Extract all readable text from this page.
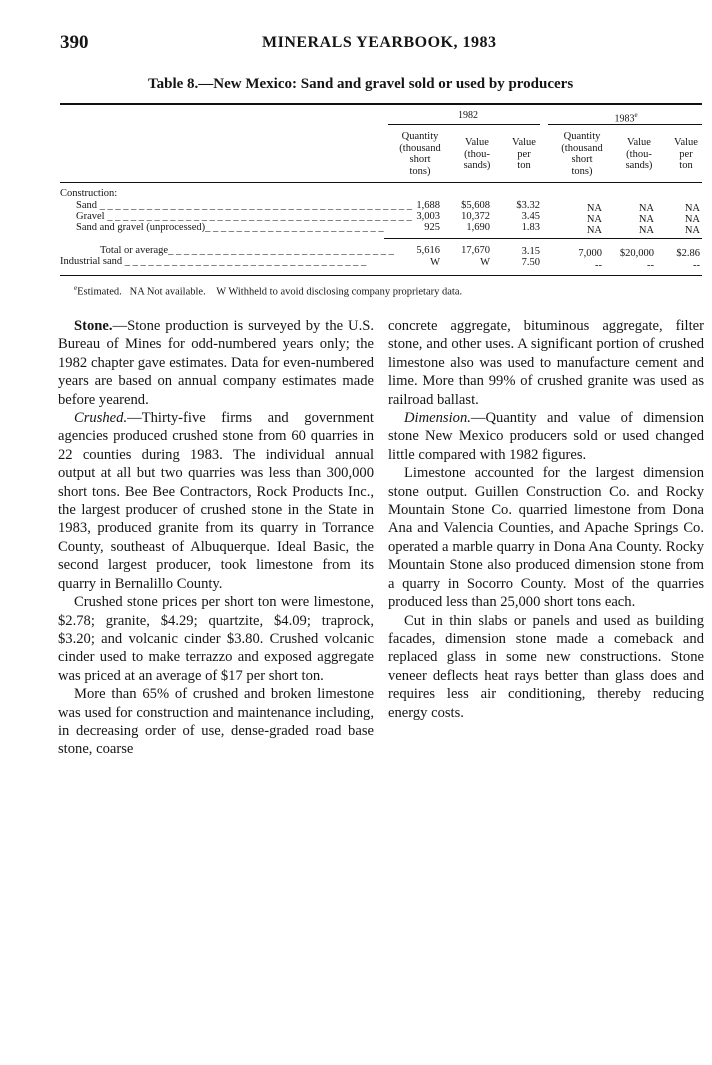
390	MINERALS YEARBOOK, 1983
Table 8.—New Mexico: Sand and gravel sold or used by producers
1982	1983e
Quantity
(thousand
short
tons)
Value
(thou-
sands)
Value
per
ton
Quantity
(thousand
short
tons)
Value
(thou-
sands)
Value
per
ton
Construction:
Sand _ _ _ _ _ _ _ _ _ _ _ _ _ _ _ _ _ _ _ _ _ _ _ _ _ _ _ _ _ _ _ _ _ _ _ _ _ _ _ _ 1,688	$5,608	$3.32	NA	NA	NA
Gravel _ _ _ _ _ _ _ _ _ _ _ _ _ _ _ _ _ _ _ _ _ _ _ _ _ _ _ _ _ _ _ _ _ _ _ _ _ _ _ 3,003	10,372	3.45	NA	NA	NA
Sand and gravel (unprocessed)_ _ _ _ _ _ _ _ _ _ _ _ _ _ _ _ _ _ _ _ _ _ _	925	1,690	1.83	NA	NA	NA
Total or average_ _ _ _ _ _ _ _ _ _ _ _ _ _ _ _ _ _ _ _ _ _ _ _ _ _ _ _ _	5,616	17,670	3.15	7,000	$20,000	$2.86
Industrial sand _ _ _ _ _ _ _ _ _ _ _ _ _ _ _ _ _ _ _ _ _ _ _ _ _ _ _ _ _ _ _	W	W	7.50	--	--	--
$^e$Estimated. NA Not available. W Withheld to avoid disclosing company proprietary data.

Stone.—Stone production is surveyed by the U.S. Bureau of Mines for odd-numbered years only; the 1982 chapter gave estimates. Data for even-numbered years are based on annual company estimates made before yearend.

Crushed.—Thirty-five firms and government agencies produced crushed stone from 60 quarries in 22 counties during 1983. The individual annual output at all but two quarries was less than 300,000 short tons. Bee Bee Contractors, Rock Products Inc., the largest producer of crushed stone in the State in 1983, produced granite from its quarry in Torrance County, southeast of Albuquerque. Ideal Basic, the second largest producer, took limestone from its quarry in Bernalillo County.

Crushed stone prices per short ton were limestone, $2.78; granite, $4.29; quartzite, $4.09; traprock, $3.20; and volcanic cinder $3.80. Crushed volcanic cinder used to make terrazzo and exposed aggregate was priced at an average of $17 per short ton.

More than 65% of crushed and broken limestone was used for construction and maintenance including, in decreasing order of use, dense-graded road base stone, coarse

concrete aggregate, bituminous aggregate, filter stone, and other uses. A significant portion of crushed limestone also was used to manufacture cement and lime. More than 99% of crushed granite was used as railroad ballast.

Dimension.—Quantity and value of dimension stone New Mexico producers sold or used changed little compared with 1982 figures.

Limestone accounted for the largest dimension stone output. Guillen Construction Co. and Rocky Mountain Stone Co. quarried limestone from Dona Ana and Valencia Counties, and Apache Springs Co. operated a marble quarry in Dona Ana County. Rocky Mountain Stone also produced dimension stone from a quarry in Socorro County. Most of the quarries produced less than 25,000 short tons each.

Cut in thin slabs or panels and used as building facades, dimension stone made a comeback and replaced glass in some new constructions. Stone veneer deflects heat rays better than glass does and requires less air conditioning, thereby reducing energy costs.
